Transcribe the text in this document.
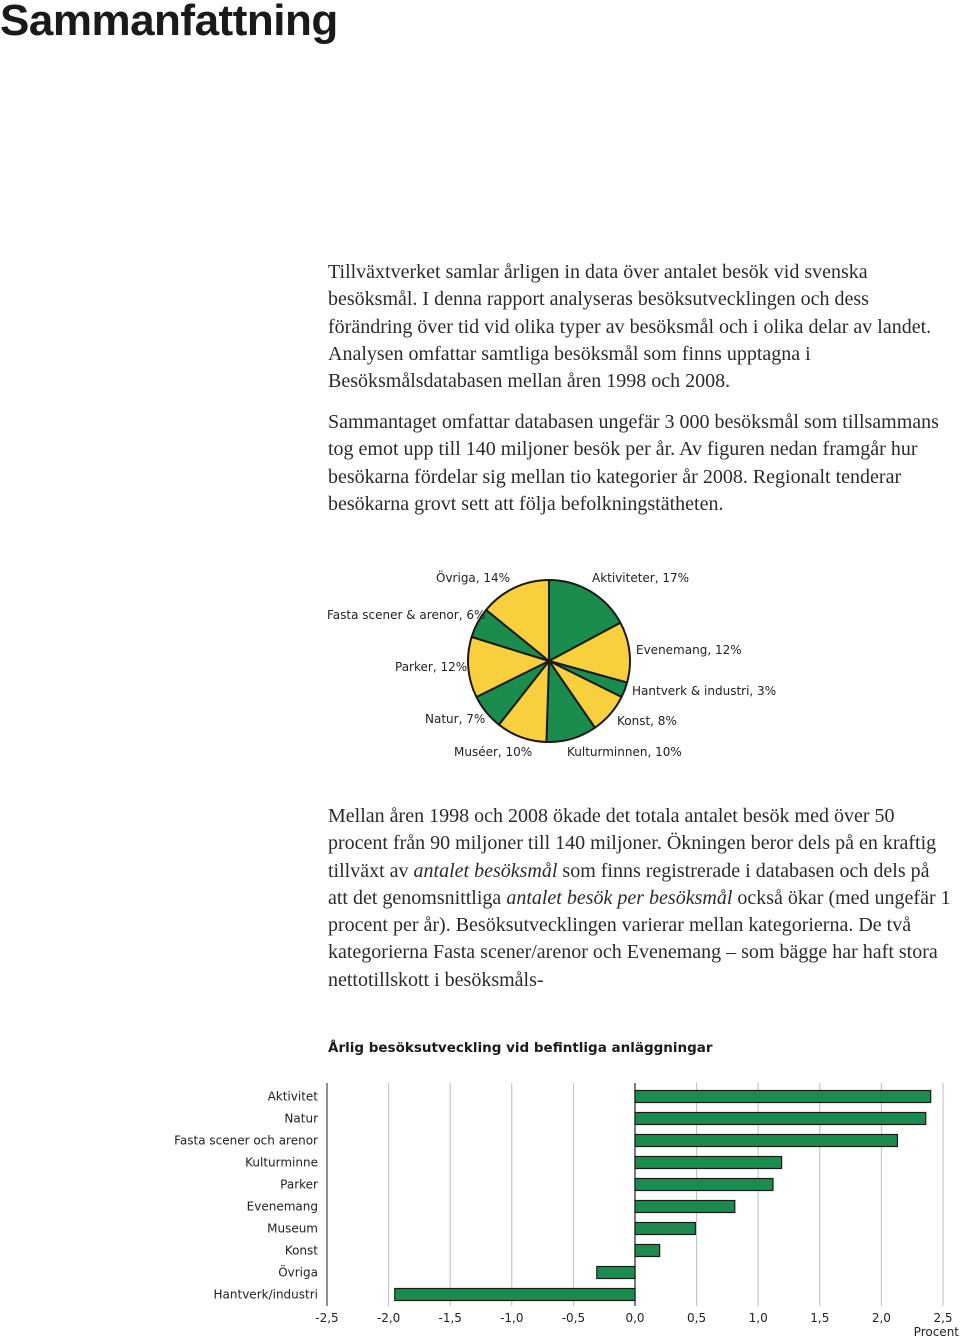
Sammanfattning

Tillväxtverket samlar årligen in data över antalet besök vid svenska besöksmål. I denna rapport analyseras besöksutvecklingen och dess förändring över tid vid olika typer av besöksmål och i olika delar av landet. Analysen omfattar samtliga besöksmål som finns upptagna i Besöksmålsdatabasen mellan åren 1998 och 2008.

Sammantaget omfattar databasen ungefär 3 000 besöksmål som tillsammans tog emot upp till 140 miljoner besök per år. Av figuren nedan framgår hur besökarna fördelar sig mellan tio kategorier år 2008. Regionalt tenderar besökarna grovt sett att följa befolkningstätheten.

Övriga, 14%	Aktiviteter, 17%
Fasta scener & arenor, 6%
Evenemang, 12%
Parker, 12%
Hantverk & industri, 3%
Natur, 7%	Konst, 8%
Muséer, 10%	Kulturminnen, 10%

Mellan åren 1998 och 2008 ökade det totala antalet besök med över 50 procent från 90 miljoner till 140 miljoner. Ökningen beror dels på en kraftig tillväxt av antalet besöksmål som finns registrerade i databasen och dels på att det genomsnittliga antalet besök per besöksmål också ökar (med ungefär 1 procent per år). Besöksutvecklingen varierar mellan kategorierna. De två kategorierna Fasta scener/arenor och Evenemang – som bägge har haft stora nettotillskott i besöksmåls-

Årlig besöksutveckling vid befintliga anläggningar
-2,5	-2,0	-1,5	-1,0	-0,5	0,0	0,5	1,0	1,5	2,0	2,5
Procent
Aktivitet
Natur
Fasta scener och arenor
Kulturminne
Parker
Evenemang
Museum
Konst
Övriga
Hantverk/industri
